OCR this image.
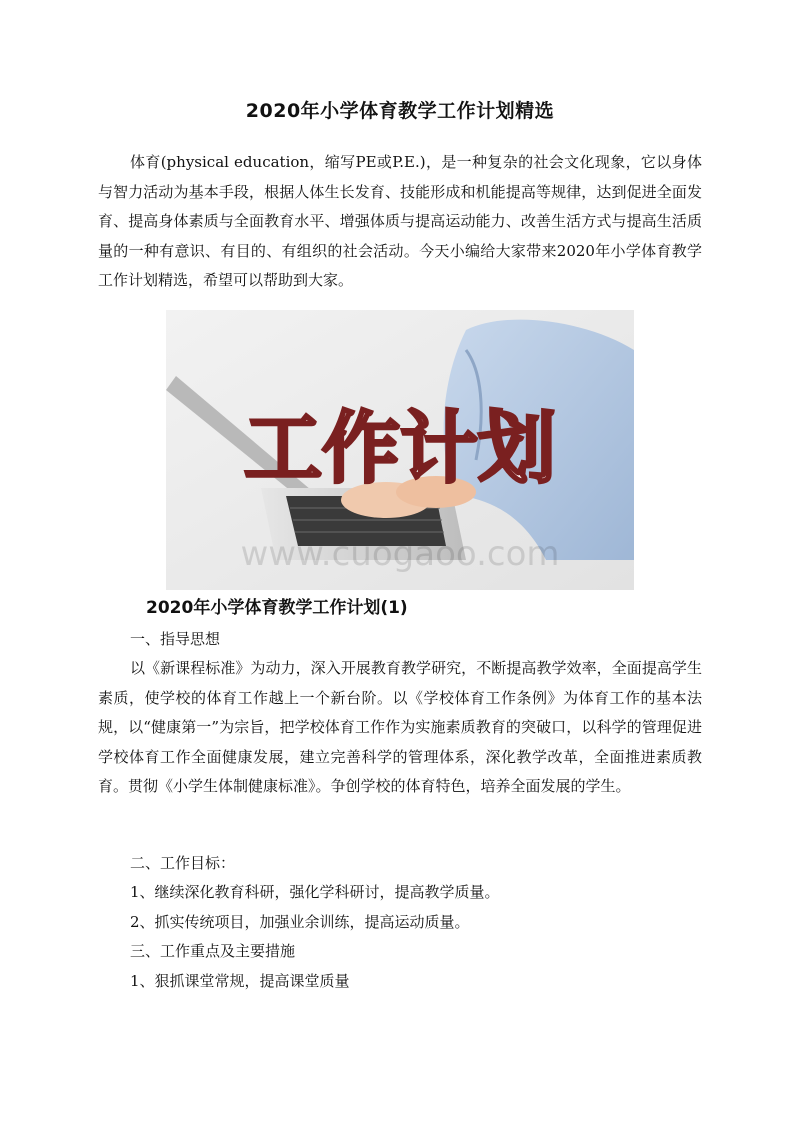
2020年小学体育教学工作计划精选

体育(physical education，缩写PE或P.E.)，是一种复杂的社会文化现象，它以身体与智力活动为基本手段，根据人体生长发育、技能形成和机能提高等规律，达到促进全面发育、提高身体素质与全面教育水平、增强体质与提高运动能力、改善生活方式与提高生活质量的一种有意识、有目的、有组织的社会活动。今天小编给大家带来2020年小学体育教学工作计划精选，希望可以帮助到大家。

工作计划
www.cuogaoo.com
2020年小学体育教学工作计划(1)

一、指导思想

以《新课程标准》为动力，深入开展教育教学研究，不断提高教学效率，全面提高学生素质，使学校的体育工作越上一个新台阶。以《学校体育工作条例》为体育工作的基本法规，以“健康第一”为宗旨，把学校体育工作作为实施素质教育的突破口，以科学的管理促进学校体育工作全面健康发展，建立完善科学的管理体系，深化教学改革，全面推进素质教育。贯彻《小学生体制健康标准》。争创学校的体育特色，培养全面发展的学生。

二、工作目标：

1、继续深化教育科研，强化学科研讨，提高教学质量。

2、抓实传统项目，加强业余训练，提高运动质量。

三、工作重点及主要措施

1、狠抓课堂常规，提高课堂质量
